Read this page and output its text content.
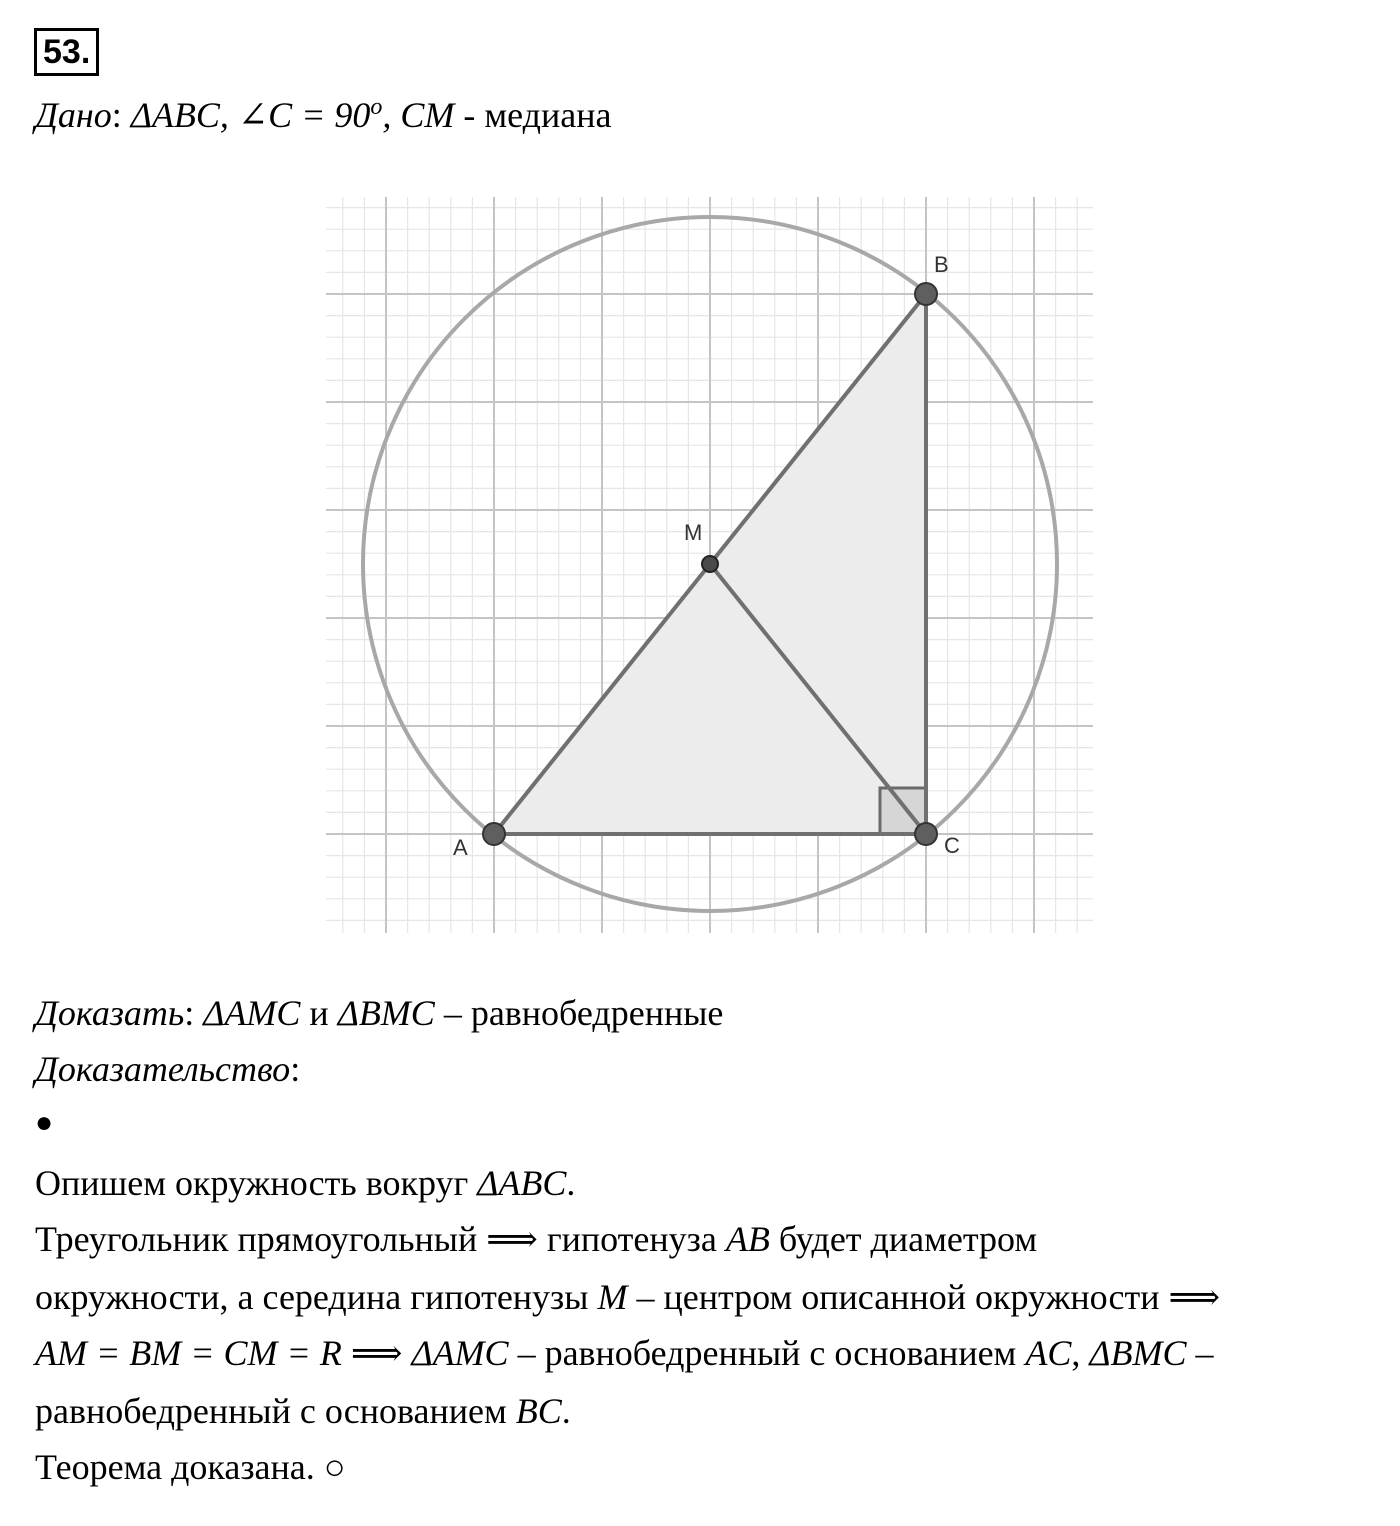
53.
Дано: ΔABC, ∠C = $90^o$, CM - медиана
A
B
C
M
Доказать: ΔAMC и ΔBMC – равнобедренные
Доказательство:
●
Опишем окружность вокруг ΔABC.
Треугольник прямоугольный ⟹ гипотенуза AB будет диаметром
окружности, а середина гипотенузы M – центром описанной окружности ⟹
AM = BM = CM = R ⟹ ΔAMC – равнобедренный с основанием AC, ΔBMC –
равнобедренный с основанием BC.
Теорема доказана. ○
